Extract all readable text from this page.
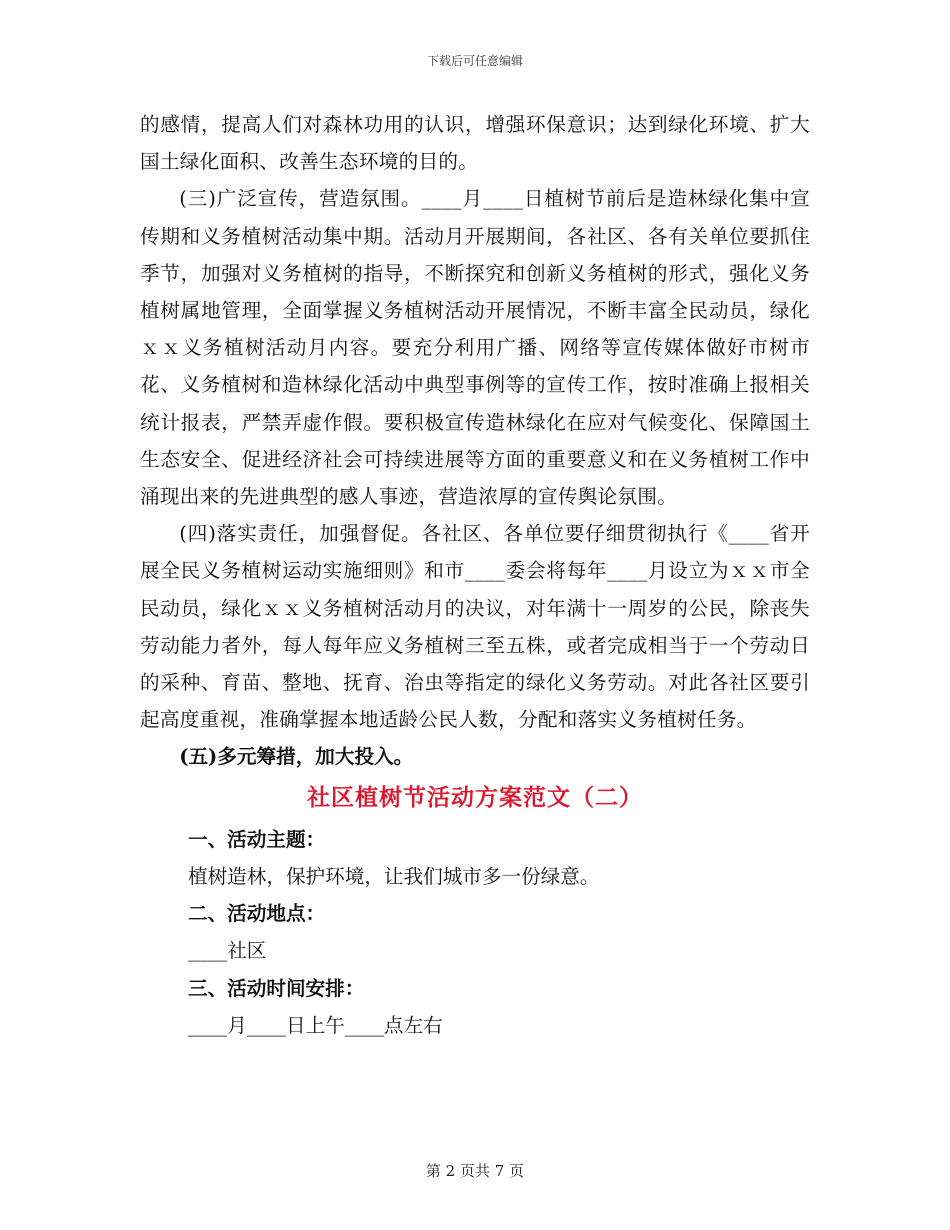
下载后可任意编辑

的感情，提高人们对森林功用的认识，增强环保意识；达到绿化环境、扩大国土绿化面积、改善生态环境的目的。

(三)广泛宣传，营造氛围。____月____日植树节前后是造林绿化集中宣传期和义务植树活动集中期。活动月开展期间，各社区、各有关单位要抓住季节，加强对义务植树的指导，不断探究和创新义务植树的形式，强化义务植树属地管理，全面掌握义务植树活动开展情况，不断丰富全民动员，绿化ｘｘ义务植树活动月内容。要充分利用广播、网络等宣传媒体做好市树市花、义务植树和造林绿化活动中典型事例等的宣传工作，按时准确上报相关统计报表，严禁弄虚作假。要积极宣传造林绿化在应对气候变化、保障国土生态安全、促进经济社会可持续进展等方面的重要意义和在义务植树工作中涌现出来的先进典型的感人事迹，营造浓厚的宣传舆论氛围。

(四)落实责任，加强督促。各社区、各单位要仔细贯彻执行《____省开展全民义务植树运动实施细则》和市____委会将每年____月设立为ｘｘ市全民动员，绿化ｘｘ义务植树活动月的决议，对年满十一周岁的公民，除丧失劳动能力者外，每人每年应义务植树三至五株，或者完成相当于一个劳动日的采种、育苗、整地、抚育、治虫等指定的绿化义务劳动。对此各社区要引起高度重视，准确掌握本地适龄公民人数，分配和落实义务植树任务。

(五)多元筹措，加大投入。

社区植树节活动方案范文（二）

一、活动主题：

植树造林，保护环境，让我们城市多一份绿意。

二、活动地点：

____社区

三、活动时间安排：

____月____日上午____点左右

第 2 页共 7 页
